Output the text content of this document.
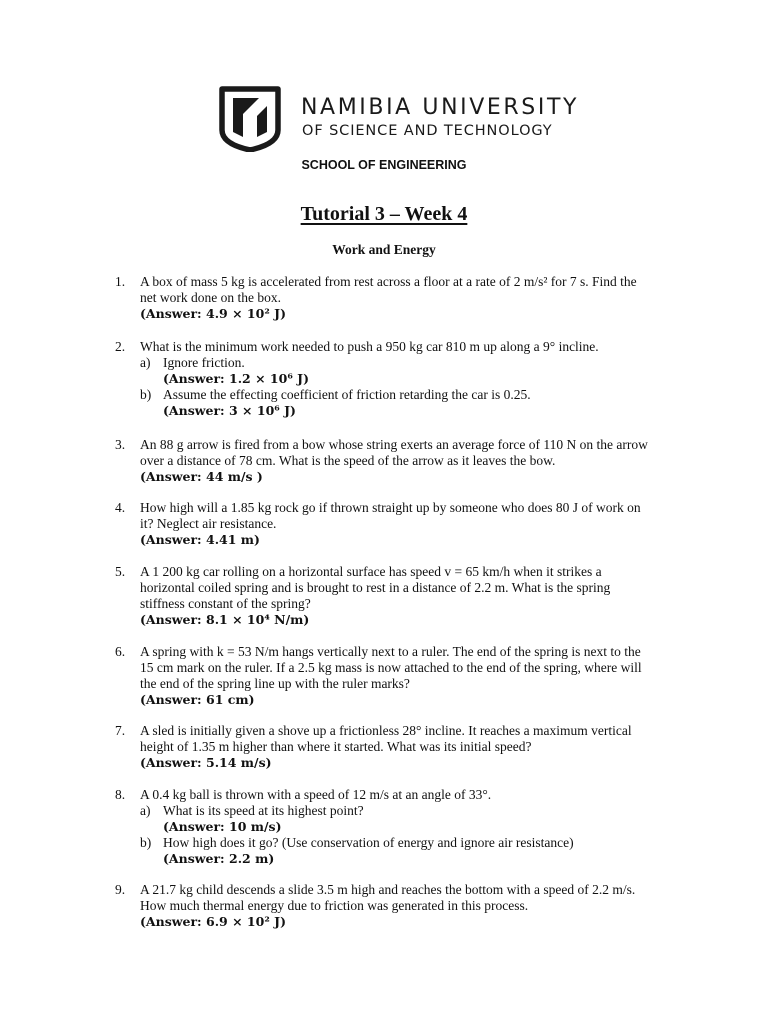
NAMIBIA UNIVERSITY
OF SCIENCE AND TECHNOLOGY
SCHOOL OF ENGINEERING
Tutorial 3 – Week 4
Work and Energy
1. A box of mass 5 kg is accelerated from rest across a floor at a rate of 2 m/s² for 7 s. Find the
net work done on the box.
(Answer: 4.9 × 10² J)
2. What is the minimum work needed to push a 950 kg car 810 m up along a 9° incline.
a) Ignore friction.
(Answer: 1.2 × 10⁶ J)
b) Assume the effecting coefficient of friction retarding the car is 0.25.
(Answer: 3 × 10⁶ J)
3. An 88 g arrow is fired from a bow whose string exerts an average force of 110 N on the arrow
over a distance of 78 cm. What is the speed of the arrow as it leaves the bow.
(Answer: 44 m/s )
4. How high will a 1.85 kg rock go if thrown straight up by someone who does 80 J of work on
it? Neglect air resistance.
(Answer: 4.41 m)
5. A 1 200 kg car rolling on a horizontal surface has speed v = 65 km/h when it strikes a
horizontal coiled spring and is brought to rest in a distance of 2.2 m. What is the spring
stiffness constant of the spring?
(Answer: 8.1 × 10⁴ N/m)
6. A spring with k = 53 N/m hangs vertically next to a ruler. The end of the spring is next to the
15 cm mark on the ruler. If a 2.5 kg mass is now attached to the end of the spring, where will
the end of the spring line up with the ruler marks?
(Answer: 61 cm)
7. A sled is initially given a shove up a frictionless 28° incline. It reaches a maximum vertical
height of 1.35 m higher than where it started. What was its initial speed?
(Answer: 5.14 m/s)
8. A 0.4 kg ball is thrown with a speed of 12 m/s at an angle of 33°.
a) What is its speed at its highest point?
(Answer: 10 m/s)
b) How high does it go? (Use conservation of energy and ignore air resistance)
(Answer: 2.2 m)
9. A 21.7 kg child descends a slide 3.5 m high and reaches the bottom with a speed of 2.2 m/s.
How much thermal energy due to friction was generated in this process.
(Answer: 6.9 × 10² J)
